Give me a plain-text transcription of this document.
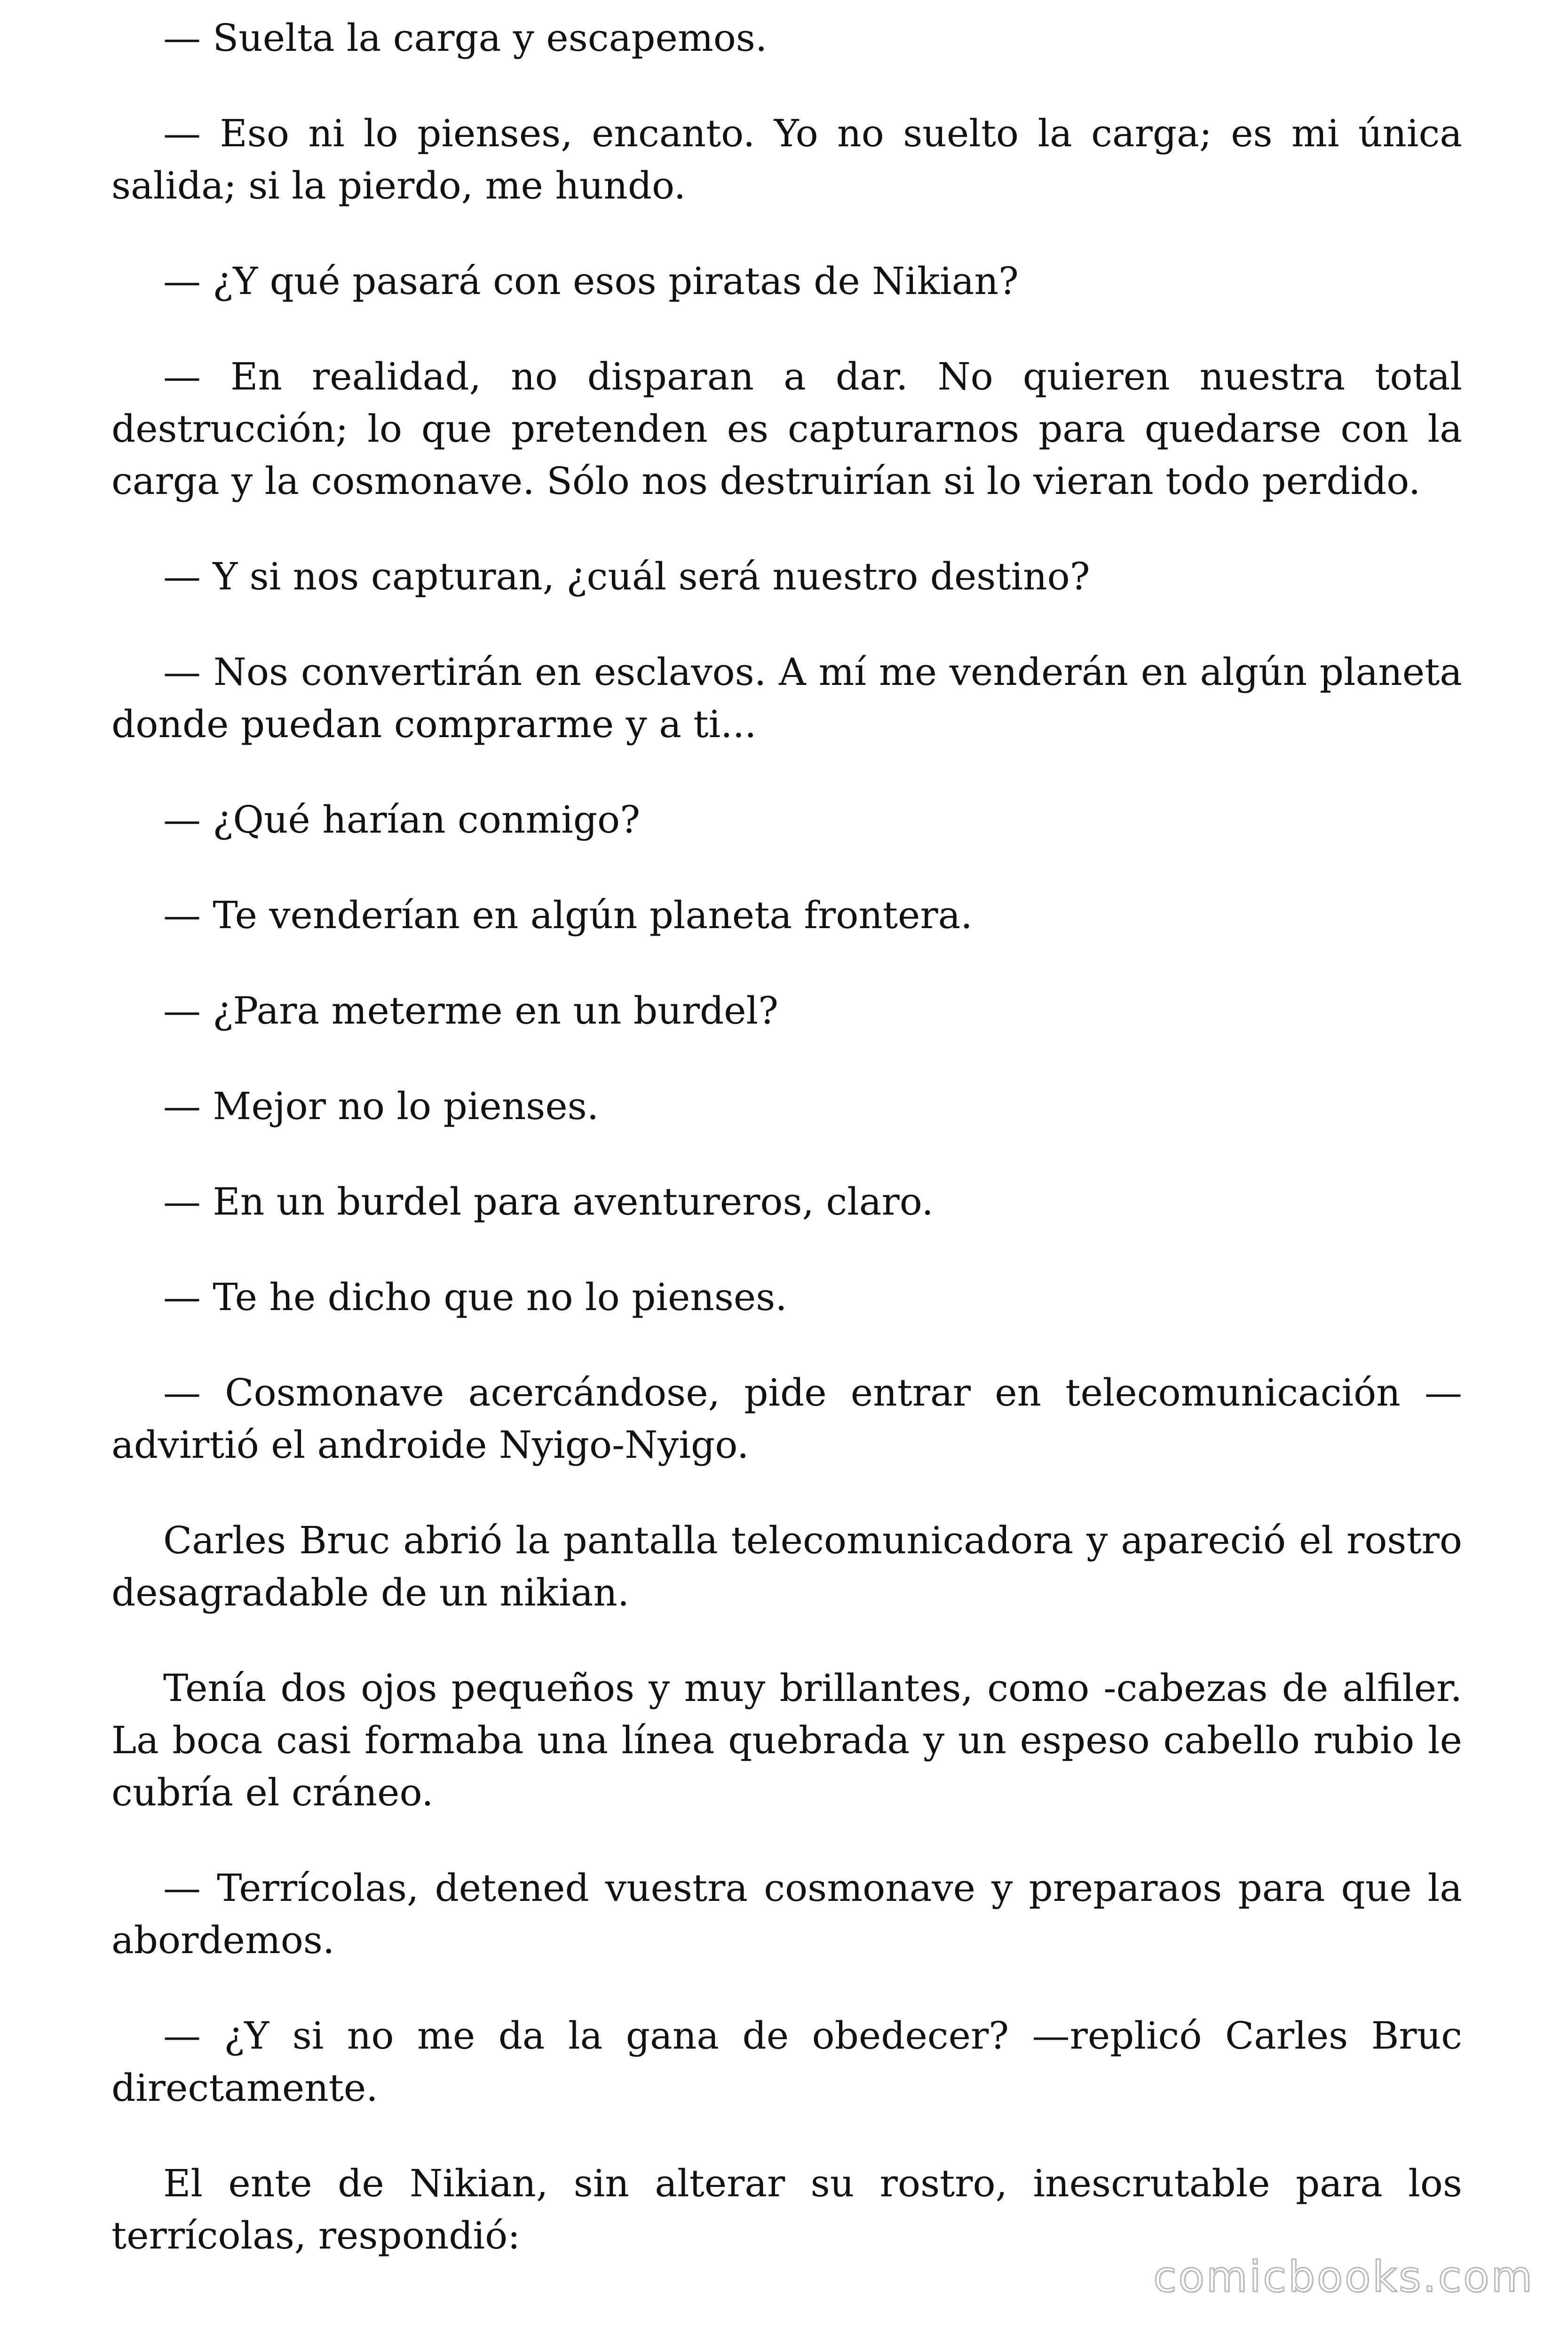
— Suelta la carga y escapemos.

— Eso ni lo pienses, encanto. Yo no suelto la carga; es mi única salida; si la pierdo, me hundo.

— ¿Y qué pasará con esos piratas de Nikian?

— En realidad, no disparan a dar. No quieren nuestra total destrucción; lo que pretenden es capturarnos para quedarse con la carga y la cosmonave. Sólo nos destruirían si lo vieran todo perdido.

— Y si nos capturan, ¿cuál será nuestro destino?

— Nos convertirán en esclavos. A mí me venderán en algún planeta donde puedan comprarme y a ti...

— ¿Qué harían conmigo?

— Te venderían en algún planeta frontera.

— ¿Para meterme en un burdel?

— Mejor no lo pienses.

— En un burdel para aventureros, claro.

— Te he dicho que no lo pienses.

— Cosmonave acercándose, pide entrar en telecomunicación — advirtió el androide Nyigo-Nyigo.

Carles Bruc abrió la pantalla telecomunicadora y apareció el rostro desagradable de un nikian.

Tenía dos ojos pequeños y muy brillantes, como -cabezas de alfiler. La boca casi formaba una línea quebrada y un espeso cabello rubio le cubría el cráneo.

— Terrícolas, detened vuestra cosmonave y preparaos para que la abordemos.

— ¿Y si no me da la gana de obedecer? —replicó Carles Bruc directamente.

El ente de Nikian, sin alterar su rostro, inescrutable para los terrícolas, respondió:

comicbooks.com
